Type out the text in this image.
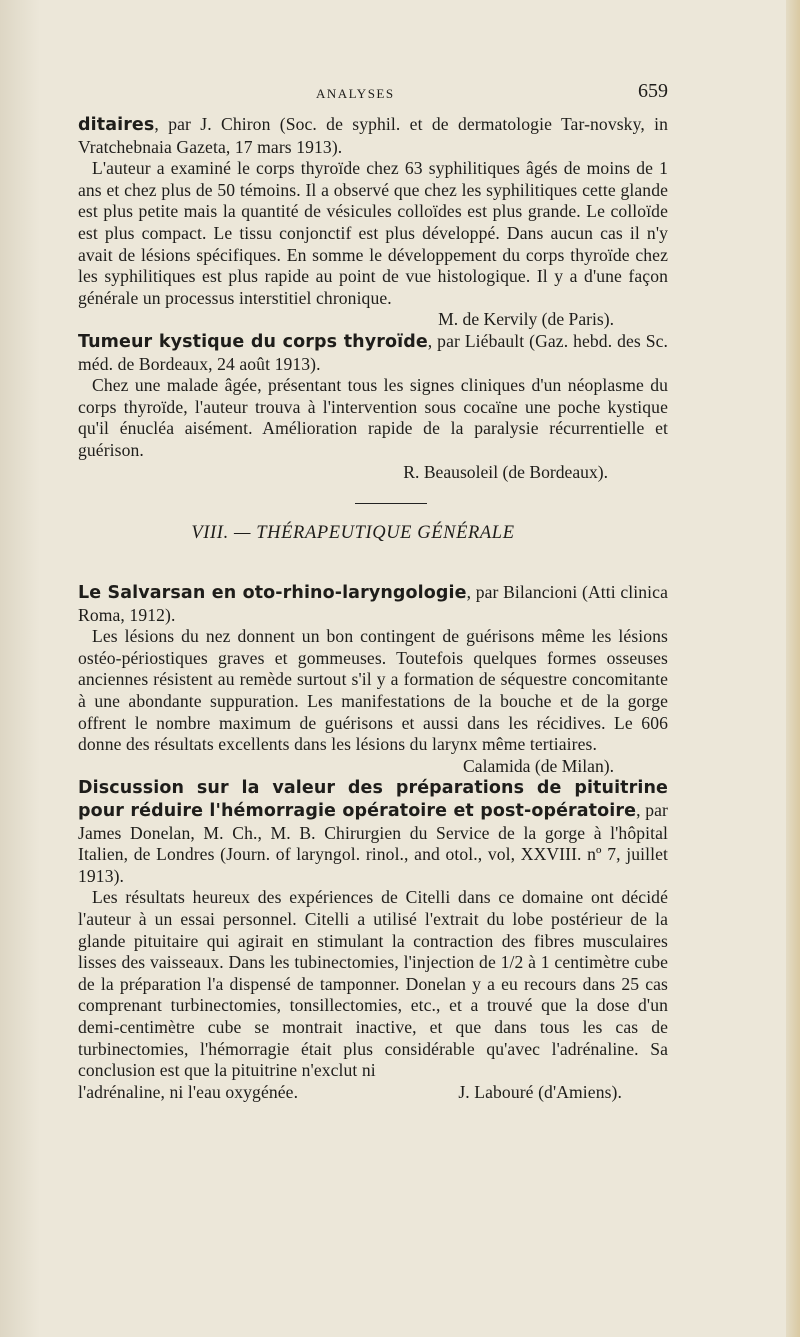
ANALYSES	659

ditaires, par J. Chiron (Soc. de syphil. et de dermatologie Tar-novsky, in Vratchebnaia Gazeta, 17 mars 1913).

L'auteur a examiné le corps thyroïde chez 63 syphilitiques âgés de moins de 1 ans et chez plus de 50 témoins. Il a observé que chez les syphilitiques cette glande est plus petite mais la quantité de vésicules colloïdes est plus grande. Le colloïde est plus compact. Le tissu conjonctif est plus développé. Dans aucun cas il n'y avait de lésions spécifiques. En somme le développement du corps thyroïde chez les syphilitiques est plus rapide au point de vue histologique. Il y a d'une façon générale un processus interstitiel chronique.

M. de Kervily (de Paris).

Tumeur kystique du corps thyroïde, par Liébault (Gaz. hebd. des Sc. méd. de Bordeaux, 24 août 1913).

Chez une malade âgée, présentant tous les signes cliniques d'un néoplasme du corps thyroïde, l'auteur trouva à l'intervention sous cocaïne une poche kystique qu'il énucléa aisément. Amélioration rapide de la paralysie récurrentielle et guérison.

R. Beausoleil (de Bordeaux).

VIII. — THÉRAPEUTIQUE GÉNÉRALE

Le Salvarsan en oto-rhino-laryngologie, par Bilancioni (Atti clinica Roma, 1912).

Les lésions du nez donnent un bon contingent de guérisons même les lésions ostéo-périostiques graves et gommeuses. Toutefois quelques formes osseuses anciennes résistent au remède surtout s'il y a formation de séquestre concomitante à une abondante suppuration. Les manifestations de la bouche et de la gorge offrent le nombre maximum de guérisons et aussi dans les récidives. Le 606 donne des résultats excellents dans les lésions du larynx même tertiaires.

Calamida (de Milan).

Discussion sur la valeur des préparations de pituitrine pour réduire l'hémorragie opératoire et post-opératoire, par James Donelan, M. Ch., M. B. Chirurgien du Service de la gorge à l'hôpital Italien, de Londres (Journ. of laryngol. rinol., and otol., vol, XXVIII. nº 7, juillet 1913).

Les résultats heureux des expériences de Citelli dans ce domaine ont décidé l'auteur à un essai personnel. Citelli a utilisé l'extrait du lobe postérieur de la glande pituitaire qui agirait en stimulant la contraction des fibres musculaires lisses des vaisseaux. Dans les tubinectomies, l'injection de 1/2 à 1 centimètre cube de la préparation l'a dispensé de tamponner. Donelan y a eu recours dans 25 cas comprenant turbinectomies, tonsillectomies, etc., et a trouvé que la dose d'un demi-centimètre cube se montrait inactive, et que dans tous les cas de turbinectomies, l'hémorragie était plus considérable qu'avec l'adrénaline. Sa conclusion est que la pituitrine n'exclut ni

l'adrénaline, ni l'eau oxygénée.	J. Labouré (d'Amiens).
